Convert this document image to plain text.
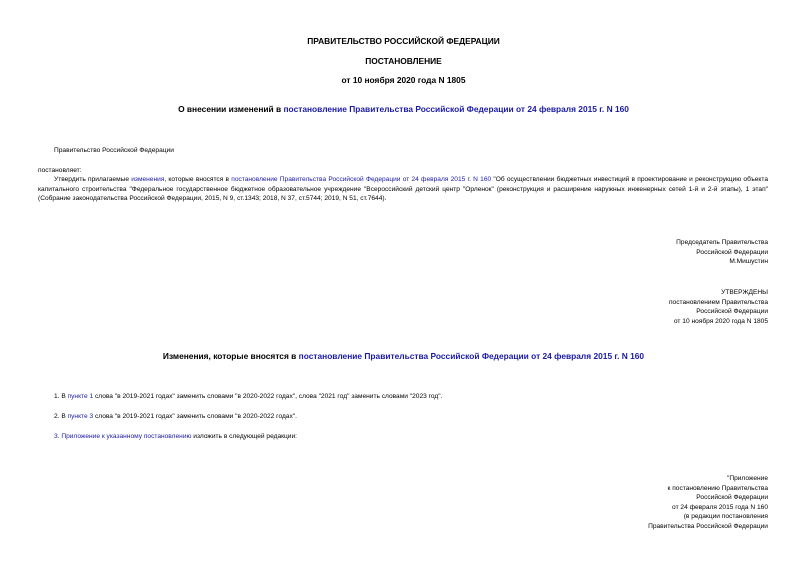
ПРАВИТЕЛЬСТВО РОССИЙСКОЙ ФЕДЕРАЦИИ
ПОСТАНОВЛЕНИЕ
от 10 ноября 2020 года N 1805
О внесении изменений в постановление Правительства Российской Федерации от 24 февраля 2015 г. N 160
Правительство Российской Федерации
постановляет:
Утвердить прилагаемые изменения, которые вносятся в постановление Правительства Российской Федерации от 24 февраля 2015 г. N 160 "Об осуществлении бюджетных инвестиций в проектирование и реконструкцию объекта капитального строительства "Федеральное государственное бюджетное образовательное учреждение "Всероссийский детский центр "Орленок" (реконструкция и расширение наружных инженерных сетей 1-й и 2-й этапы), 1 этап" (Собрание законодательства Российской Федерации, 2015, N 9, ст.1343; 2018, N 37, ст.5744; 2019, N 51, ст.7644).
Председатель Правительства
Российской Федерации
М.Мишустин
УТВЕРЖДЕНЫ
постановлением Правительства
Российской Федерации
от 10 ноября 2020 года N 1805
Изменения, которые вносятся в постановление Правительства Российской Федерации от 24 февраля 2015 г. N 160
1. В пункте 1 слова "в 2019-2021 годах" заменить словами "в 2020-2022 годах", слова "2021 год" заменить словами "2023 год".
2. В пункте 3 слова "в 2019-2021 годах" заменить словами "в 2020-2022 годах".
3. Приложение к указанному постановлению изложить в следующей редакции:
"Приложение
к постановлению Правительства
Российской Федерации
от 24 февраля 2015 года N 160
(в редакции постановления
Правительства Российской Федерации
